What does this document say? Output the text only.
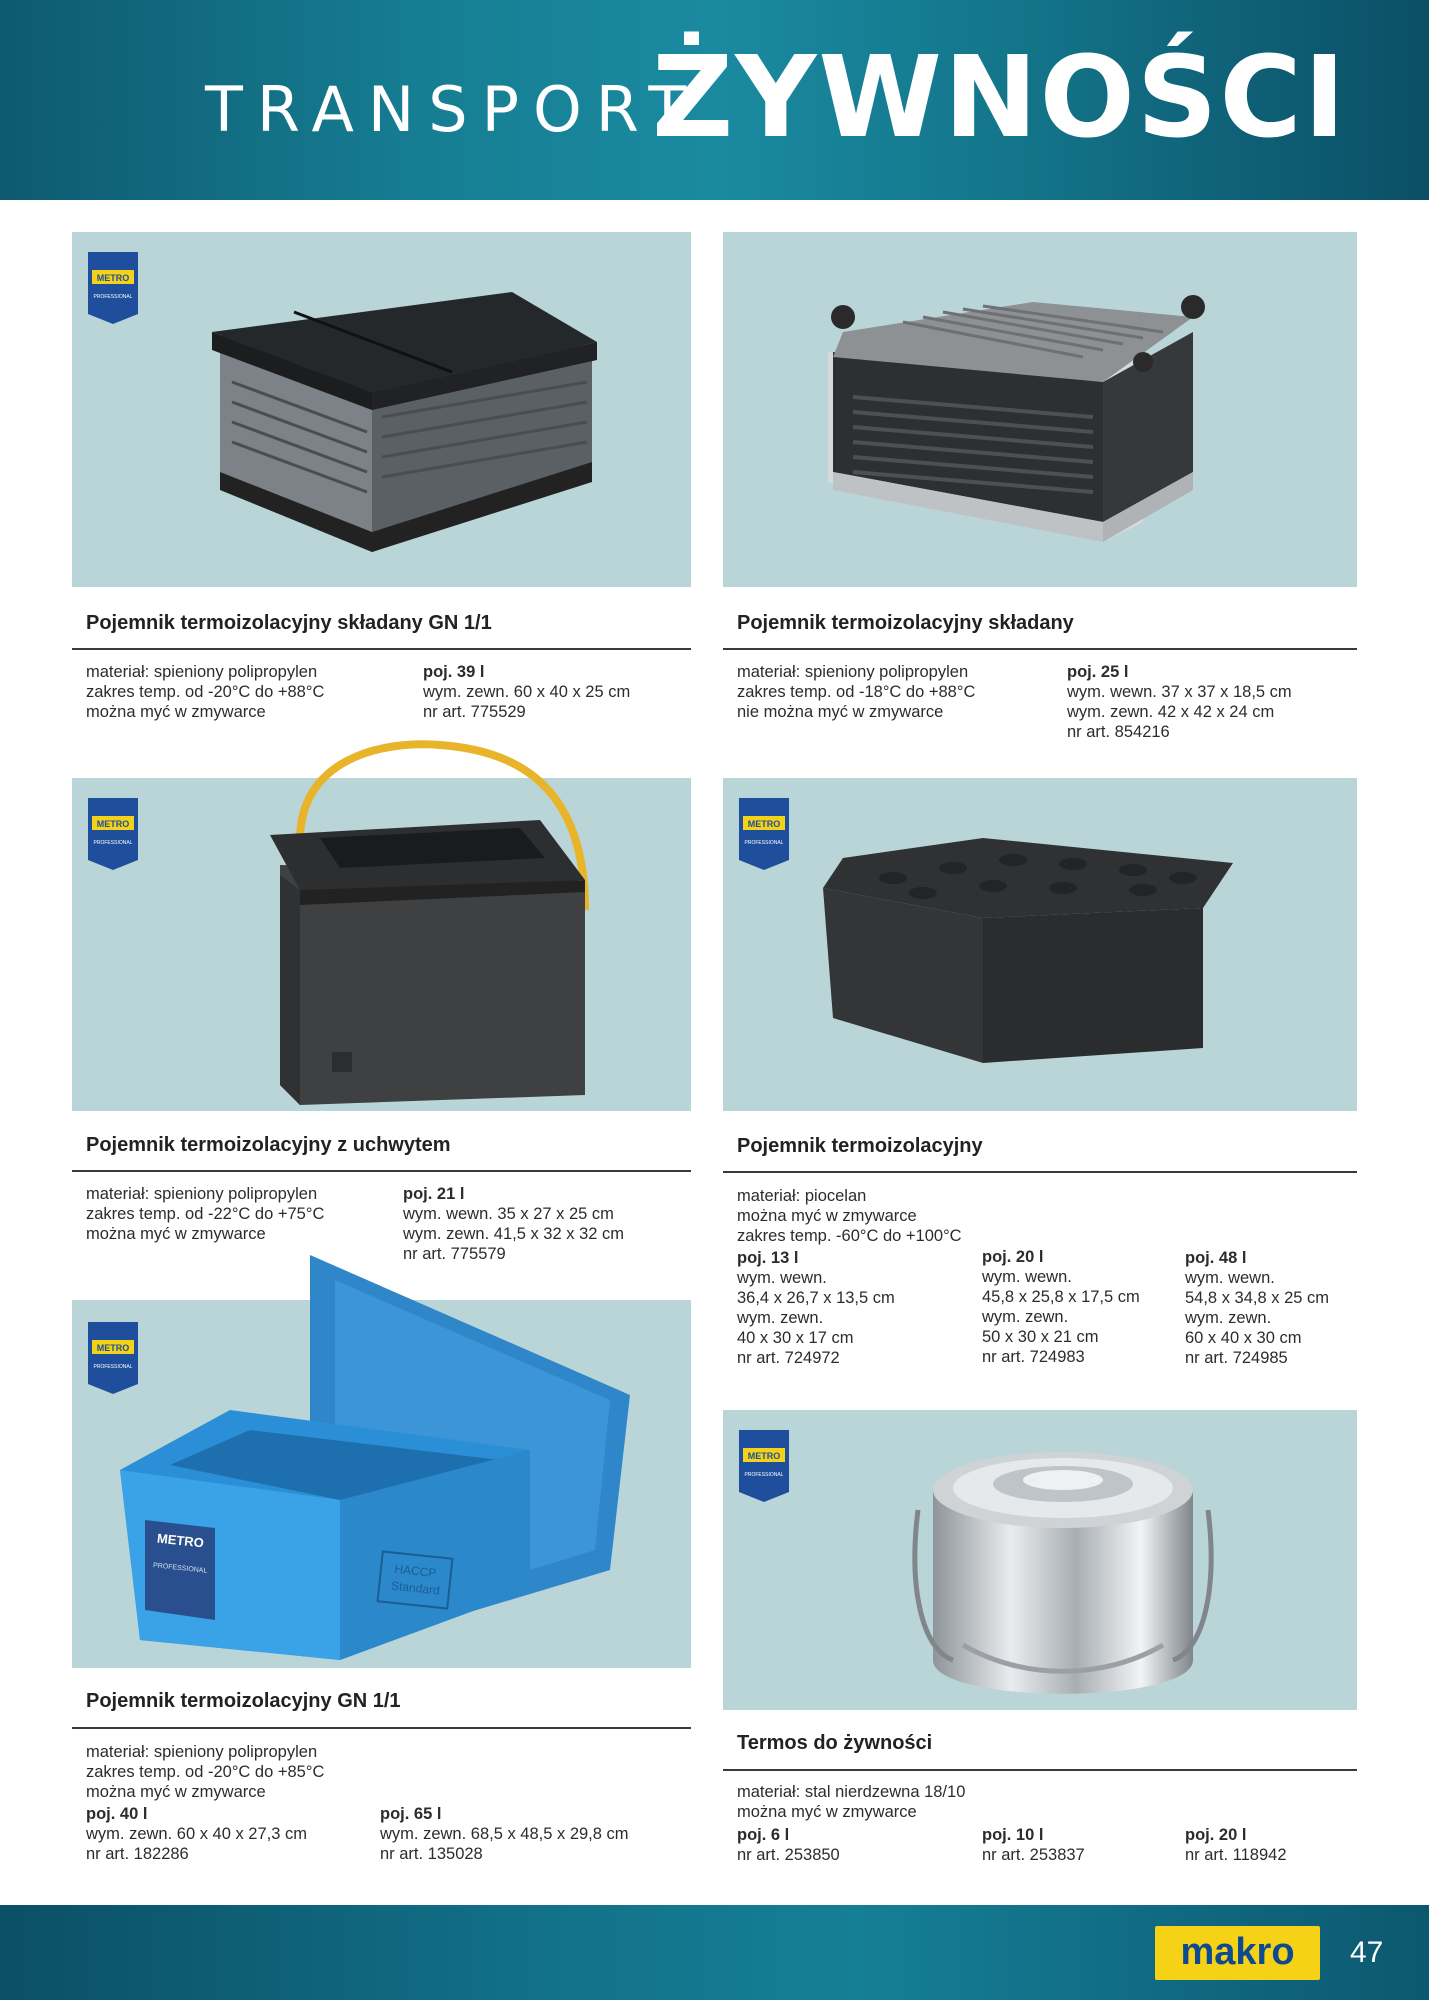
TRANSPORT
ŻYWNOŚCI
METRO
PROFESSIONAL
Pojemnik termoizolacyjny składany GN 1/1
materiał: spieniony polipropylen
zakres temp. od -20°C do +88°C
można myć w zmywarce
poj. 39 l
wym. zewn. 60 x 40 x 25 cm
nr art. 775529
Pojemnik termoizolacyjny składany
materiał: spieniony polipropylen
zakres temp. od -18°C do +88°C
nie można myć w zmywarce
poj. 25 l
wym. wewn. 37 x 37 x 18,5 cm
wym. zewn. 42 x 42 x 24 cm
nr art. 854216
METRO
PROFESSIONAL
Pojemnik termoizolacyjny z uchwytem
materiał: spieniony polipropylen
zakres temp. od -22°C do +75°C
można myć w zmywarce
poj. 21 l
wym. wewn. 35 x 27 x 25 cm
wym. zewn. 41,5 x 32 x 32 cm
nr art. 775579
METRO
PROFESSIONAL
Pojemnik termoizolacyjny
materiał: piocelan
można myć w zmywarce
zakres temp. -60°C do +100°C
poj. 13 l
wym. wewn.
36,4 x 26,7 x 13,5 cm
wym. zewn.
40 x 30 x 17 cm
nr art. 724972
poj. 20 l
wym. wewn.
45,8 x 25,8 x 17,5 cm
wym. zewn.
50 x 30 x 21 cm
nr art. 724983
poj. 48 l
wym. wewn.
54,8 x 34,8 x 25 cm
wym. zewn.
60 x 40 x 30 cm
nr art. 724985
METRO
PROFESSIONAL	HACCP
Standard
METRO
PROFESSIONAL
Pojemnik termoizolacyjny GN 1/1
materiał: spieniony polipropylen
zakres temp. od -20°C do +85°C
można myć w zmywarce
poj. 40 l
wym. zewn. 60 x 40 x 27,3 cm
nr art. 182286
poj. 65 l
wym. zewn. 68,5 x 48,5 x 29,8 cm
nr art. 135028
METRO
PROFESSIONAL
Termos do żywności
materiał: stal nierdzewna 18/10
można myć w zmywarce
poj. 6 l
nr art. 253850
poj. 10 l
nr art. 253837
poj. 20 l
nr art. 118942
makro	47
